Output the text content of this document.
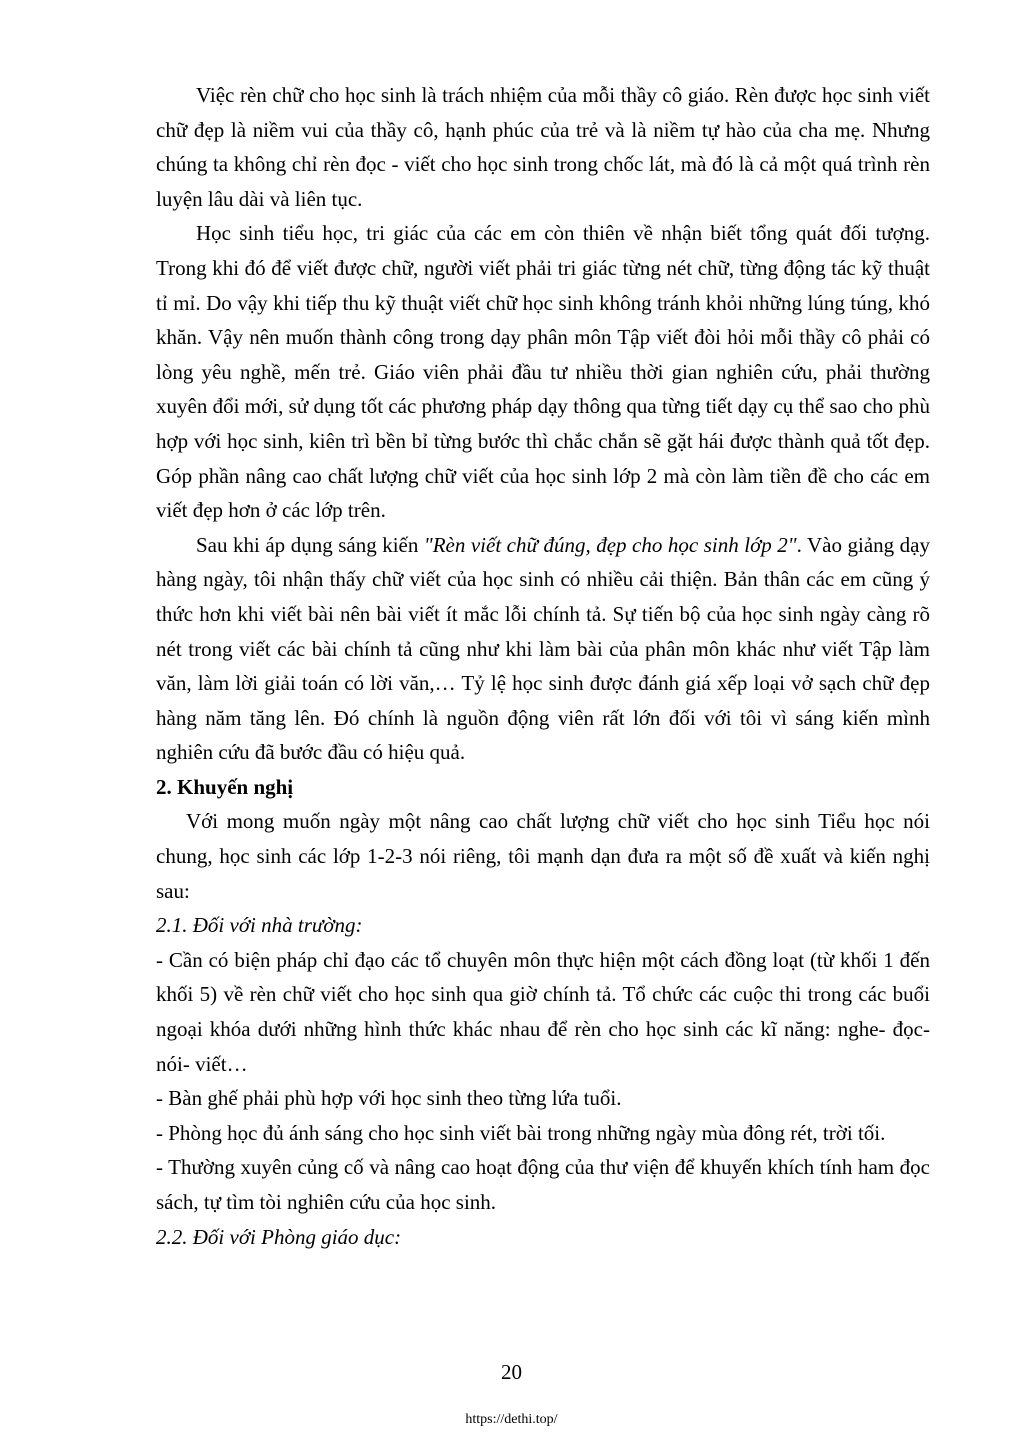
Việc rèn chữ cho học sinh là trách nhiệm của mỗi thầy cô giáo. Rèn được học sinh viết chữ đẹp là niềm vui của thầy cô, hạnh phúc của trẻ và là niềm tự hào của cha mẹ. Nhưng chúng ta không chỉ rèn đọc - viết cho học sinh trong chốc lát, mà đó là cả một quá trình rèn luyện lâu dài và liên tục.

Học sinh tiểu học, tri giác của các em còn thiên về nhận biết tổng quát đối tượng. Trong khi đó để viết được chữ, người viết phải tri giác từng nét chữ, từng động tác kỹ thuật tỉ mỉ. Do vậy khi tiếp thu kỹ thuật viết chữ học sinh không tránh khỏi những lúng túng, khó khăn. Vậy nên muốn thành công trong dạy phân môn Tập viết đòi hỏi mỗi thầy cô phải có lòng yêu nghề, mến trẻ. Giáo viên phải đầu tư nhiều thời gian nghiên cứu, phải thường xuyên đổi mới, sử dụng tốt các phương pháp dạy thông qua từng tiết dạy cụ thể sao cho phù hợp với học sinh, kiên trì bền bỉ từng bước thì chắc chắn sẽ gặt hái được thành quả tốt đẹp. Góp phần nâng cao chất lượng chữ viết của học sinh lớp 2 mà còn làm tiền đề cho các em viết đẹp hơn ở các lớp trên.

Sau khi áp dụng sáng kiến "Rèn viết chữ đúng, đẹp cho học sinh lớp 2". Vào giảng dạy hàng ngày, tôi nhận thấy chữ viết của học sinh có nhiều cải thiện. Bản thân các em cũng ý thức hơn khi viết bài nên bài viết ít mắc lỗi chính tả. Sự tiến bộ của học sinh ngày càng rõ nét trong viết các bài chính tả cũng như khi làm bài của phân môn khác như viết Tập làm văn, làm lời giải toán có lời văn,… Tỷ lệ học sinh được đánh giá xếp loại vở sạch chữ đẹp hàng năm tăng lên. Đó chính là nguồn động viên rất lớn đối với tôi vì sáng kiến mình nghiên cứu đã bước đầu có hiệu quả.

2. Khuyến nghị

Với mong muốn ngày một nâng cao chất lượng chữ viết cho học sinh Tiểu học nói chung, học sinh các lớp 1-2-3 nói riêng, tôi mạnh dạn đưa ra một số đề xuất và kiến nghị sau:

2.1. Đối với nhà trường:

- Cần có biện pháp chỉ đạo các tổ chuyên môn thực hiện một cách đồng loạt (từ khối 1 đến khối 5) về rèn chữ viết cho học sinh qua giờ chính tả. Tổ chức các cuộc thi trong các buổi ngoại khóa dưới những hình thức khác nhau để rèn cho học sinh các kĩ năng: nghe- đọc- nói- viết…

- Bàn ghế phải phù hợp với học sinh theo từng lứa tuổi.

- Phòng học đủ ánh sáng cho học sinh viết bài trong những ngày mùa đông rét, trời tối.

- Thường xuyên củng cố và nâng cao hoạt động của thư viện để khuyến khích tính ham đọc sách, tự tìm tòi nghiên cứu của học sinh.

2.2. Đối với Phòng giáo dục:

20
https://dethi.top/
